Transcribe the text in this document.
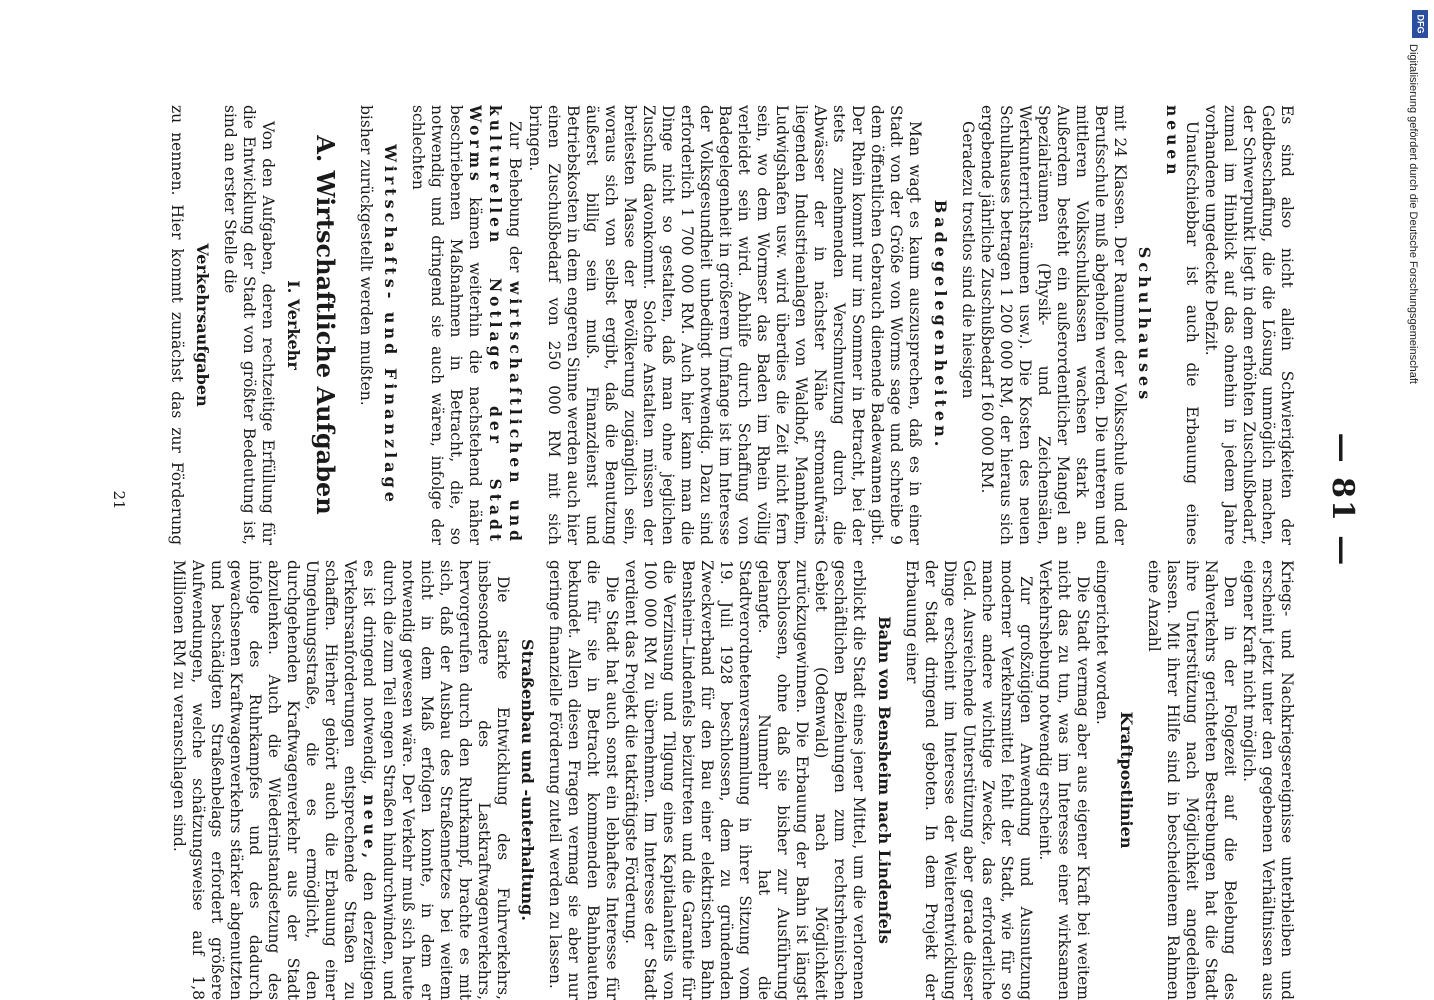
— 81 —

Es sind also nicht allein Schwierigkeiten der Geldbeschaffung, die die Lösung unmöglich machen, der Schwerpunkt liegt in dem erhöhten Zuschußbedarf, zumal im Hinblick auf das ohnehin in jedem Jahre vorhandene ungedeckte Defizit.

Unaufschiebbar ist auch die Erbauung eines neuen

Schulhauses

mit 24 Klassen. Der Raumnot der Volksschule und der Berufsschule muß abgeholfen werden. Die unteren und mittleren Volksschulklassen wachsen stark an. Außerdem besteht ein außerordentlicher Mangel an Spezialräumen (Physik- und Zeichensälen, Werkunterrichtsräumen usw.). Die Kosten des neuen Schulhauses betragen 1 200 000 RM, der hieraus sich ergebende jährliche Zuschußbedarf 160 000 RM.

Geradezu trostlos sind die hiesigen

Badegelegenheiten.

Man wagt es kaum auszusprechen, daß es in einer Stadt von der Größe von Worms sage und schreibe 9 dem öffentlichen Gebrauch dienende Badewannen gibt. Der Rhein kommt nur im Sommer in Betracht, bei der stets zunehmenden Verschmutzung durch die Abwässer der in nächster Nähe stromaufwärts liegenden Industrieanlagen von Waldhof, Mannheim, Ludwigshafen usw. wird überdies die Zeit nicht fern sein, wo dem Wormser das Baden im Rhein völlig verleidet sein wird. Abhilfe durch Schaffung von Badegelegenheit in größerem Umfange ist im Interesse der Volksgesundheit unbedingt notwendig. Dazu sind erforderlich 1 700 000 RM. Auch hier kann man die Dinge nicht so gestalten, daß man ohne jeglichen Zuschuß davonkommt. Solche Anstalten müssen der breitesten Masse der Bevölkerung zugänglich sein, woraus sich von selbst ergibt, daß die Benutzung äußerst billig sein muß. Finanzdienst und Betriebskosten in dem engeren Sinne werden auch hier einen Zuschußbedarf von 250 000 RM mit sich bringen.

Zur Behebung der wirtschaftlichen und kulturellen Notlage der Stadt Worms kämen weiterhin die nachstehend näher beschriebenen Maßnahmen in Betracht, die, so notwendig und dringend sie auch wären, infolge der schlechten

Wirtschafts- und Finanzlage

bisher zurückgestellt werden mußten.

A. Wirtschaftliche Aufgaben
I. Verkehr

Von den Aufgaben, deren rechtzeitige Erfüllung für die Entwicklung der Stadt von größter Bedeutung ist, sind an erster Stelle die

Verkehrsaufgaben

zu nennen. Hier kommt zunächst das zur Förderung

Kriegs- und Nachkriegsereignisse unterbleiben und erscheint jetzt unter den gegebenen Verhältnissen aus eigener Kraft nicht möglich.

Den in der Folgezeit auf die Belebung des Nahverkehrs gerichteten Bestrebungen hat die Stadt ihre Unterstützung nach Möglichkeit angedeihen lassen. Mit ihrer Hilfe sind in bescheidenem Rahmen eine Anzahl

Kraftpostlinien

eingerichtet worden.

Die Stadt vermag aber aus eigener Kraft bei weitem nicht das zu tun, was im Interesse einer wirksamen Verkehrshebung notwendig erscheint.

Zur großzügigen Anwendung und Ausnutzung moderner Verkehrsmittel fehlt der Stadt, wie für so manche andere wichtige Zwecke, das erforderliche Geld. Ausreichende Unterstützung aber gerade dieser Dinge erscheint im Interesse der Weiterentwicklung der Stadt dringend geboten. In dem Projekt der Erbauung einer

Bahn von Bensheim nach Lindenfels

erblickt die Stadt eines jener Mittel, um die verlorenen geschäftlichen Beziehungen zum rechtsrheinischen Gebiet (Odenwald) nach Möglichkeit zurückzugewinnen. Die Erbauung der Bahn ist längst beschlossen, ohne daß sie bisher zur Ausführung gelangte. Nunmehr hat die Stadtverordnetenversammlung in ihrer Sitzung vom 19. Juli 1928 beschlossen, dem zu gründenden Zweckverband für den Bau einer elektrischen Bahn Bensheim–Lindenfels beizutreten und die Garantie für die Verzinsung und Tilgung eines Kapitalanteils von 100 000 RM zu übernehmen. Im Interesse der Stadt verdient das Projekt die tatkräftigste Förderung.

Die Stadt hat auch sonst ein lebhaftes Interesse für die für sie in Betracht kommenden Bahnbauten bekundet. Allen diesen Fragen vermag sie aber nur geringe finanzielle Förderung zuteil werden zu lassen.

Straßenbau und -unterhaltung.

Die starke Entwicklung des Fuhrverkehrs, insbesondere des Lastkraftwagenverkehrs, hervorgerufen durch den Ruhrkampf, brachte es mit sich, daß der Ausbau des Straßennetzes bei weitem nicht in dem Maß erfolgen konnte, in dem er notwendig gewesen wäre. Der Verkehr muß sich heute durch die zum Teil engen Straßen hindurchwinden, und es ist dringend notwendig, neue, den derzeitigen Verkehrsanforderungen entsprechende Straßen zu schaffen. Hierher gehört auch die Erbauung einer Umgehungsstraße, die es ermöglicht, den durchgehenden Kraftwagenverkehr aus der Stadt abzulenken. Auch die Wiederinstandsetzung des infolge des Ruhrkampfes und des dadurch gewachsenen Kraftwagenverkehrs stärker abgenutzten und beschädigten Straßenbelags erfordert größere Aufwendungen, welche schätzungsweise auf 1,8 Millionen RM zu veranschlagen sind.

21
DFG
Digitalisierung gefördert durch die Deutsche Forschungsgemeinschaft
